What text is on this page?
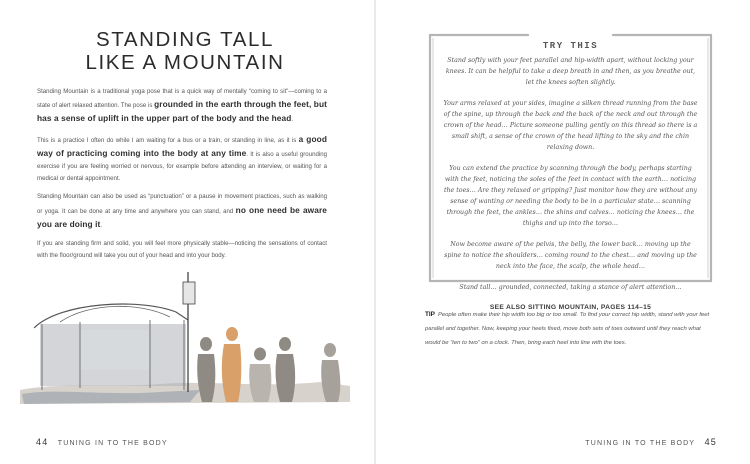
STANDING TALL
LIKE A MOUNTAIN

Standing Mountain is a traditional yoga pose that is a quick way of mentally “coming to sit”—coming to a state of alert relaxed attention. The pose is grounded in the earth through the feet, but has a sense of uplift in the upper part of the body and the head.

This is a practice I often do while I am waiting for a bus or a train, or standing in line, as it is a good way of practicing coming into the body at any time. It is also a useful grounding exercise if you are feeling worried or nervous, for example before attending an interview, or waiting for a medical or dental appointment.

Standing Mountain can also be used as “punctuation” or a pause in movement practices, such as walking or yoga. It can be done at any time and anywhere you can stand, and no one need be aware you are doing it.

If you are standing firm and solid, you will feel more physically stable—noticing the sensations of contact with the floor/ground will take you out of your head and into your body.

44 TUNING IN TO THE BODY
TRY THIS

Stand softly with your feet parallel and hip-width apart, without locking your knees. It can be helpful to take a deep breath in and then, as you breathe out, let the knees soften slightly.

Your arms relaxed at your sides, imagine a silken thread running from the base of the spine, up through the back and the back of the neck and out through the crown of the head… Picture someone pulling gently on this thread so there is a small shift, a sense of the crown of the head lifting to the sky and the chin relaxing down.

You can extend the practice by scanning through the body, perhaps starting with the feet, noticing the soles of the feet in contact with the earth… noticing the toes… Are they relaxed or gripping? Just monitor how they are without any sense of wanting or needing the body to be in a particular state… scanning through the feet, the ankles… the shins and calves… noticing the knees… the thighs and up into the torso…

Now become aware of the pelvis, the belly, the lower back… moving up the spine to notice the shoulders… coming round to the chest… and moving up the neck into the face, the scalp, the whole head…

Stand tall… grounded, connected, taking a stance of alert attention…

SEE ALSO SITTING MOUNTAIN, PAGES 114–15

TIP People often make their hip width too big or too small. To find your correct hip width, stand with your feet parallel and together. Now, keeping your heels fixed, move both sets of toes outward until they reach what would be “ten to two” on a clock. Then, bring each heel into line with the toes.
TUNING IN TO THE BODY 45
